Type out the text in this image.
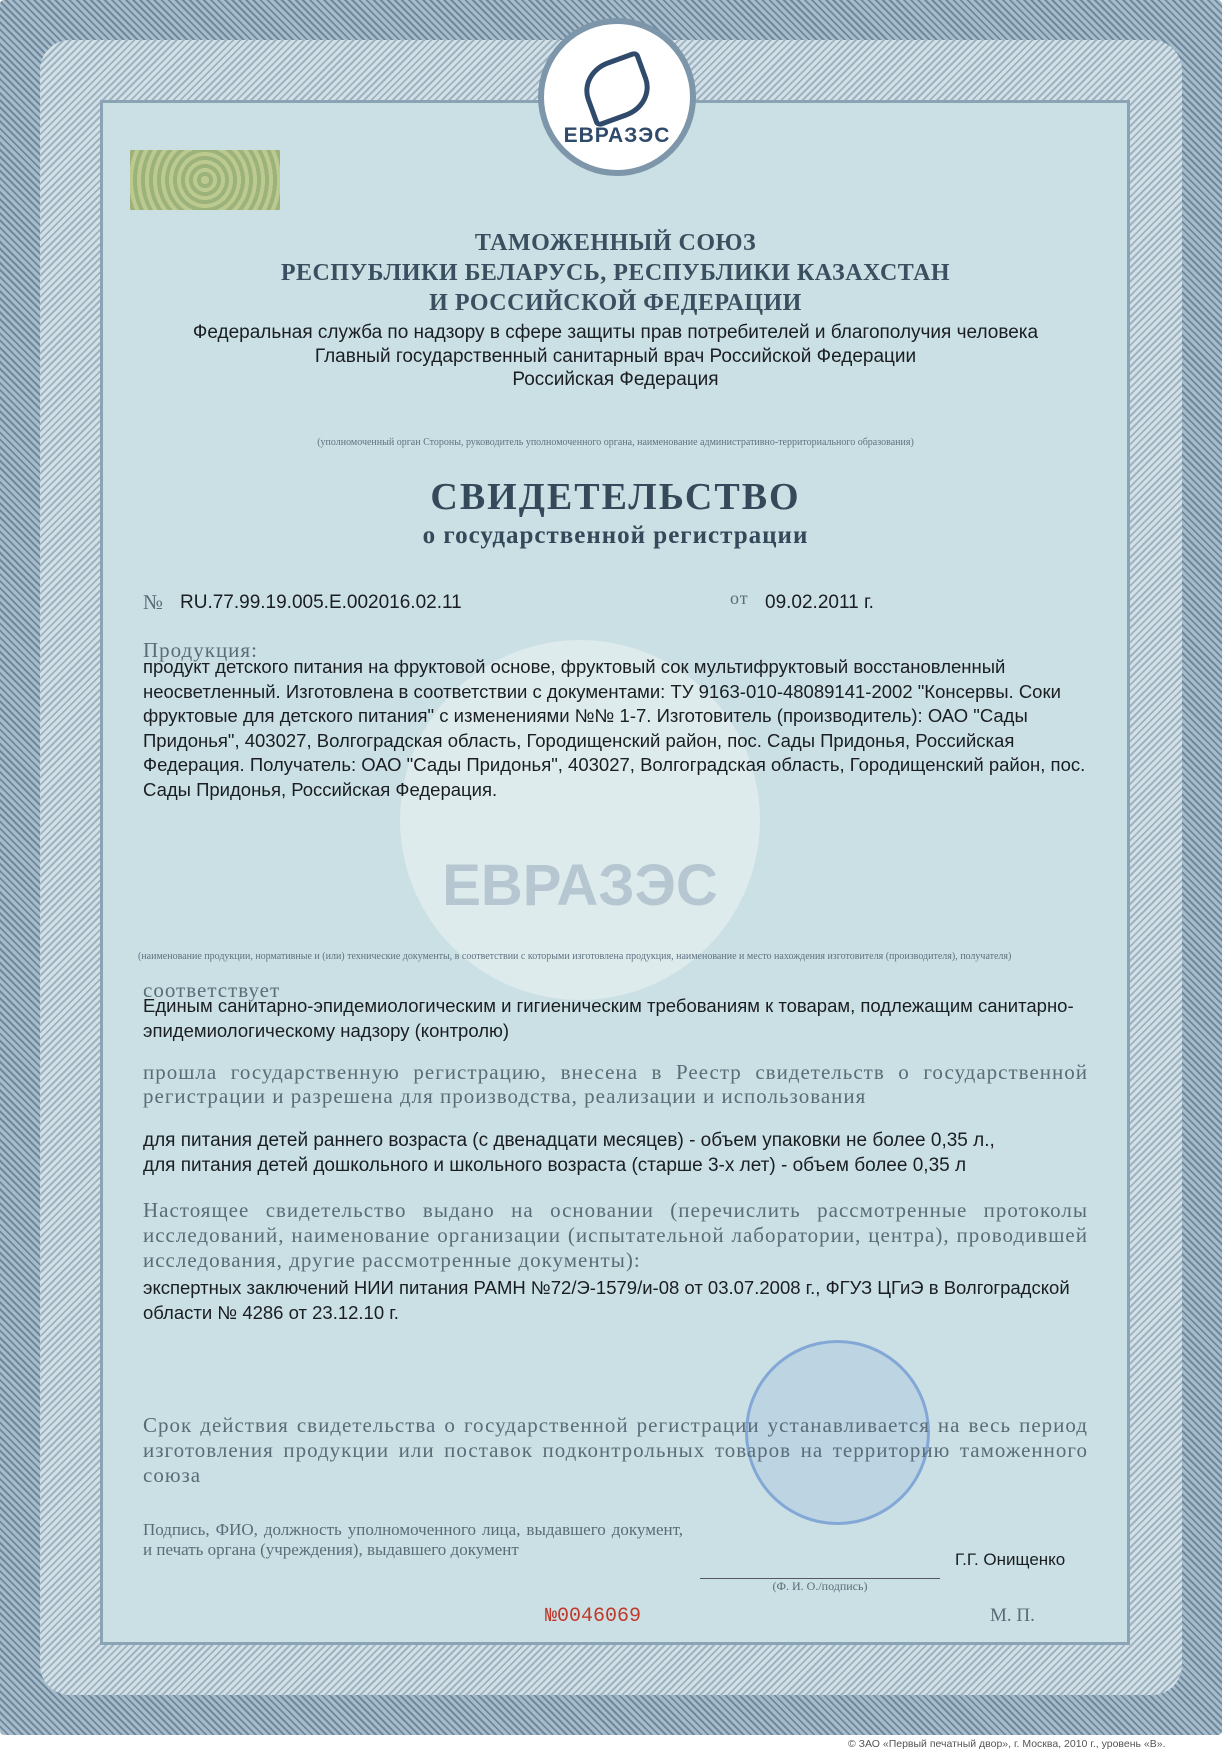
ЕВРАЗЭС
ЕВРАЗЭС
ТАМОЖЕННЫЙ СОЮЗ
РЕСПУБЛИКИ БЕЛАРУСЬ, РЕСПУБЛИКИ КАЗАХСТАН
И РОССИЙСКОЙ ФЕДЕРАЦИИ
Федеральная служба по надзору в сфере защиты прав потребителей и благополучия человека
Главный государственный санитарный врач Российской Федерации
Российская Федерация
(уполномоченный орган Стороны, руководитель уполномоченного органа, наименование административно-территориального образования)
СВИДЕТЕЛЬСТВО
о государственной регистрации
№ RU.77.99.19.005.Е.002016.02.11	от 09.02.2011 г.
Продукция:
продукт детского питания на фруктовой основе, фруктовый сок мультифруктовый восстановленный неосветленный. Изготовлена в соответствии с документами: ТУ 9163-010-48089141-2002 "Консервы. Соки фруктовые для детского питания" с изменениями №№ 1-7. Изготовитель (производитель): ОАО "Сады Придонья", 403027, Волгоградская область, Городищенский район, пос. Сады Придонья, Российская Федерация. Получатель: ОАО "Сады Придонья", 403027, Волгоградская область, Городищенский район, пос. Сады Придонья, Российская Федерация.
(наименование продукции, нормативные и (или) технические документы, в соответствии с которыми изготовлена продукция, наименование и место нахождения изготовителя (производителя), получателя)
соответствует
Единым санитарно-эпидемиологическим и гигиеническим требованиям к товарам, подлежащим санитарно-эпидемиологическому надзору (контролю)
прошла государственную регистрацию, внесена в Реестр свидетельств о государственной регистрации и разрешена для производства, реализации и использования
для питания детей раннего возраста (с двенадцати месяцев) - объем упаковки не более 0,35 л.,
для питания детей дошкольного и школьного возраста (старше 3-х лет) - объем более 0,35 л
Настоящее свидетельство выдано на основании (перечислить рассмотренные протоколы исследований, наименование организации (испытательной лаборатории, центра), проводившей исследования, другие рассмотренные документы):
экспертных заключений НИИ питания РАМН №72/Э-1579/и-08 от 03.07.2008 г., ФГУЗ ЦГиЭ в Волгоградской области № 4286 от 23.12.10 г.
Срок действия свидетельства о государственной регистрации устанавливается на весь период изготовления продукции или поставок подконтрольных товаров на территорию таможенного союза
Подпись, ФИО, должность уполномоченного лица, выдавшего документ, и печать органа (учреждения), выдавшего документ
Г.Г. Онищенко
(Ф. И. О./подпись)
№0046069	М. П.
© ЗАО «Первый печатный двор», г. Москва, 2010 г., уровень «В».
